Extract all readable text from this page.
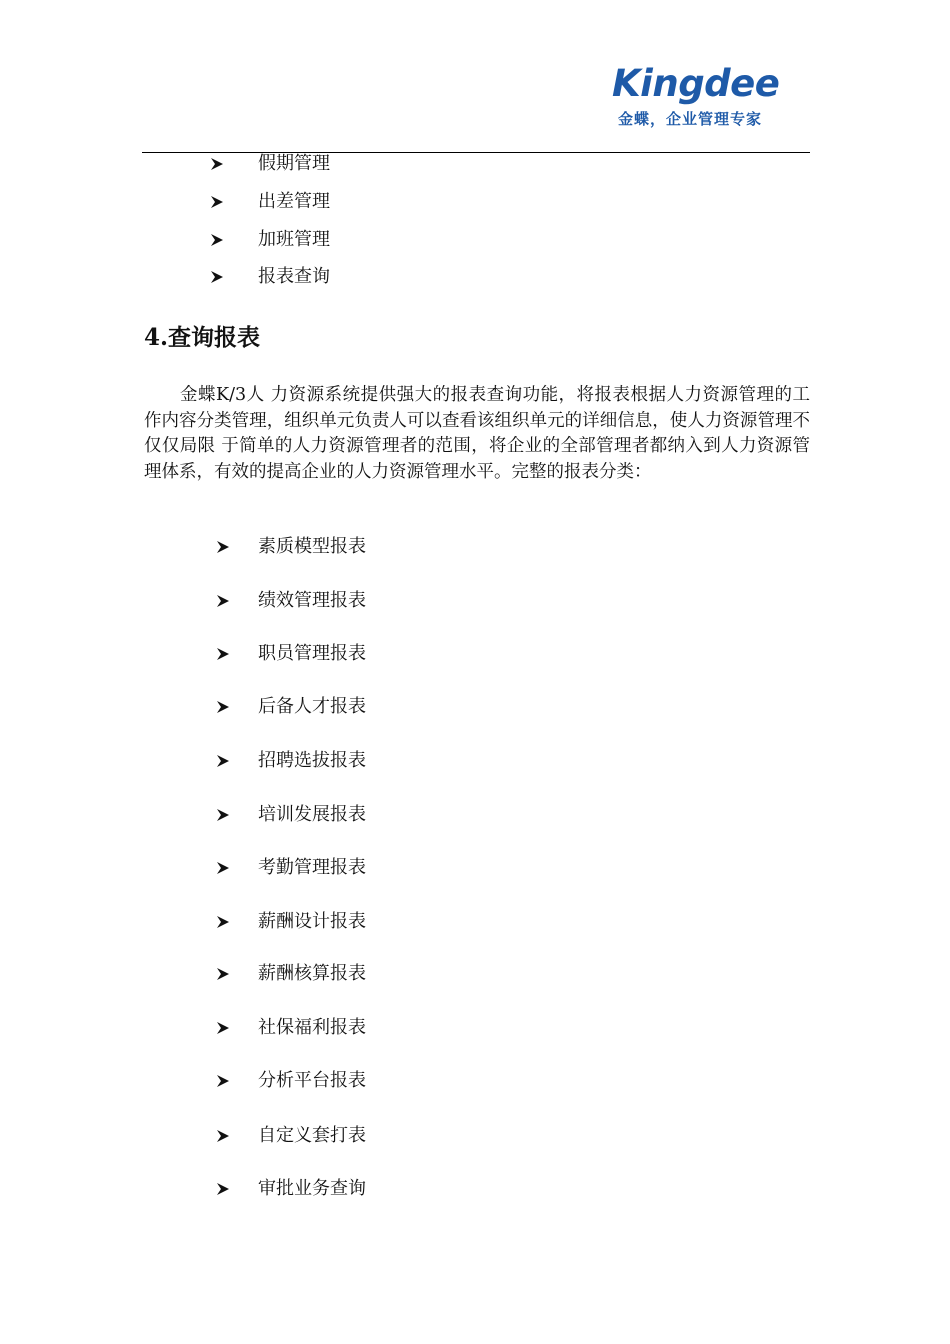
Kingdee
金蝶，企业管理专家
假期管理
出差管理
加班管理
报表查询
4.查询报表

金蝶K/3人 力资源系统提供强大的报表查询功能，将报表根据人力资源管理的工作内容分类管理，组织单元负责人可以查看该组织单元的详细信息，使人力资源管理不仅仅局限 于简单的人力资源管理者的范围，将企业的全部管理者都纳入到人力资源管理体系，有效的提高企业的人力资源管理水平。完整的报表分类：

素质模型报表
绩效管理报表
职员管理报表
后备人才报表
招聘选拔报表
培训发展报表
考勤管理报表
薪酬设计报表
薪酬核算报表
社保福利报表
分析平台报表
自定义套打表
审批业务查询
